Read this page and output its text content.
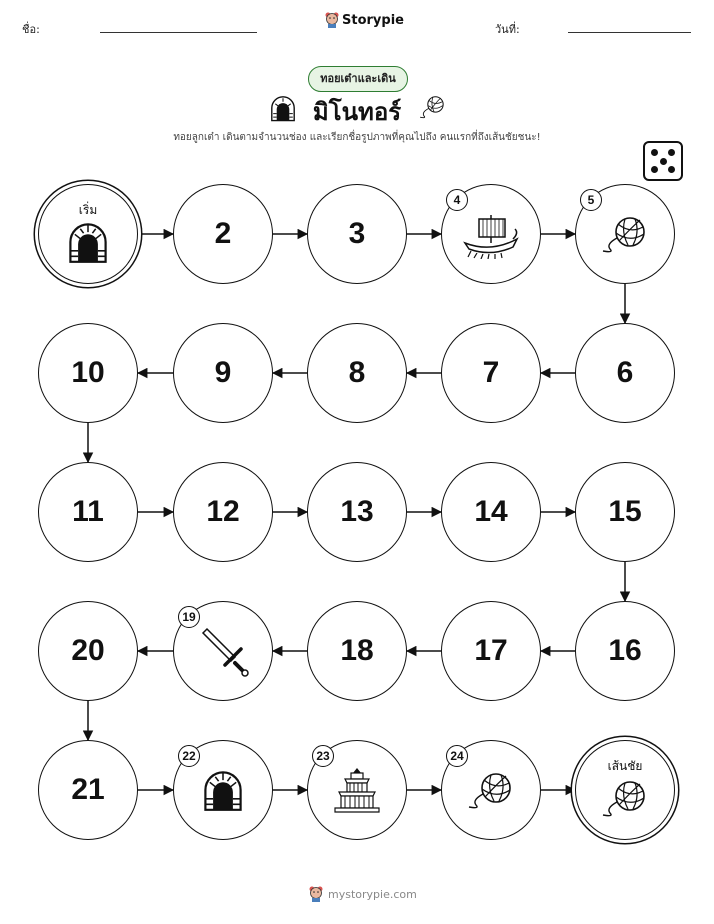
ชื่อ:
Storypie
วันที่:
ทอยเต๋าและเดิน
มิโนทอร์
ทอยลูกเต๋า เดินตามจำนวนช่อง และเรียกชื่อรูปภาพที่คุณไปถึง คนแรกที่ถึงเส้นชัยชนะ!
เริ่ม
2	3
4	5
6
7
8
9
10
11	12	13	14	15
16
17
18
19
20
21
22	23	24
เส้นชัย
mystorypie.com
